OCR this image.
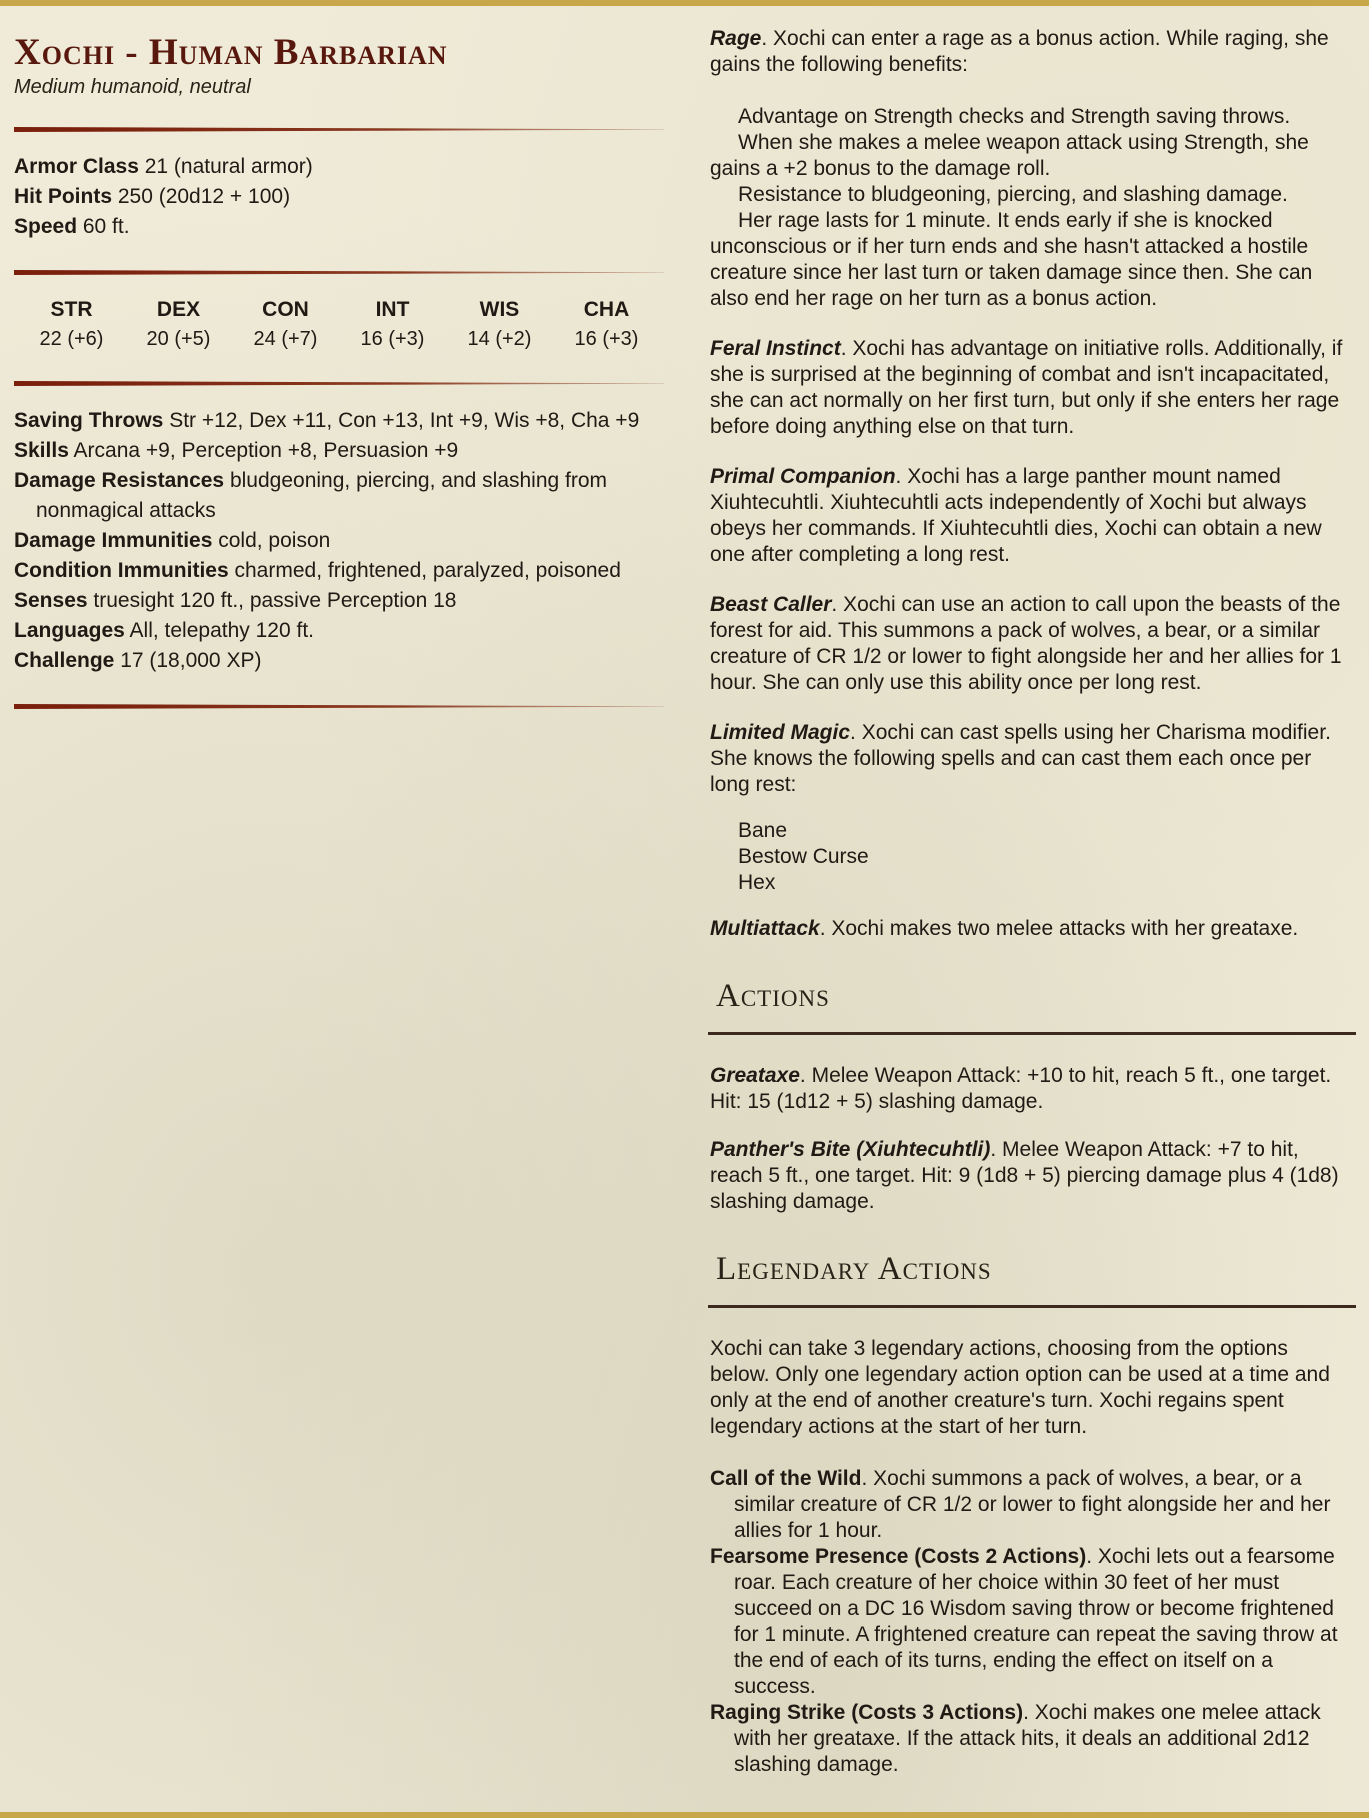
Xochi - Human Barbarian
Medium humanoid, neutral
Armor Class 21 (natural armor)
Hit Points 250 (20d12 + 100)
Speed 60 ft.
STR
22 (+6)
DEX
20 (+5)
CON
24 (+7)
INT
16 (+3)
WIS
14 (+2)
CHA
16 (+3)
Saving Throws Str +12, Dex +11, Con +13, Int +9, Wis +8, Cha +9
Skills Arcana +9, Perception +8, Persuasion +9
Damage Resistances bludgeoning, piercing, and slashing from nonmagical attacks
Damage Immunities cold, poison
Condition Immunities charmed, frightened, paralyzed, poisoned
Senses truesight 120 ft., passive Perception 18
Languages All, telepathy 120 ft.
Challenge 17 (18,000 XP)
Rage. Xochi can enter a rage as a bonus action. While raging, she gains the following benefits:
Advantage on Strength checks and Strength saving throws.
When she makes a melee weapon attack using Strength, she gains a +2 bonus to the damage roll.
Resistance to bludgeoning, piercing, and slashing damage.
Her rage lasts for 1 minute. It ends early if she is knocked unconscious or if her turn ends and she hasn't attacked a hostile creature since her last turn or taken damage since then. She can also end her rage on her turn as a bonus action.
Feral Instinct. Xochi has advantage on initiative rolls. Additionally, if she is surprised at the beginning of combat and isn't incapacitated, she can act normally on her first turn, but only if she enters her rage before doing anything else on that turn.
Primal Companion. Xochi has a large panther mount named Xiuhtecuhtli. Xiuhtecuhtli acts independently of Xochi but always obeys her commands. If Xiuhtecuhtli dies, Xochi can obtain a new one after completing a long rest.
Beast Caller. Xochi can use an action to call upon the beasts of the forest for aid. This summons a pack of wolves, a bear, or a similar creature of CR 1/2 or lower to fight alongside her and her allies for 1 hour. She can only use this ability once per long rest.
Limited Magic. Xochi can cast spells using her Charisma modifier. She knows the following spells and can cast them each once per long rest:
Bane
Bestow Curse
Hex
Multiattack. Xochi makes two melee attacks with her greataxe.
Actions
Greataxe. Melee Weapon Attack: +10 to hit, reach 5 ft., one target. Hit: 15 (1d12 + 5) slashing damage.
Panther's Bite (Xiuhtecuhtli). Melee Weapon Attack: +7 to hit, reach 5 ft., one target. Hit: 9 (1d8 + 5) piercing damage plus 4 (1d8) slashing damage.
Legendary Actions
Xochi can take 3 legendary actions, choosing from the options below. Only one legendary action option can be used at a time and only at the end of another creature's turn. Xochi regains spent legendary actions at the start of her turn.
Call of the Wild. Xochi summons a pack of wolves, a bear, or a similar creature of CR 1/2 or lower to fight alongside her and her allies for 1 hour.
Fearsome Presence (Costs 2 Actions). Xochi lets out a fearsome roar. Each creature of her choice within 30 feet of her must succeed on a DC 16 Wisdom saving throw or become frightened for 1 minute. A frightened creature can repeat the saving throw at the end of each of its turns, ending the effect on itself on a success.
Raging Strike (Costs 3 Actions). Xochi makes one melee attack with her greataxe. If the attack hits, it deals an additional 2d12 slashing damage.
